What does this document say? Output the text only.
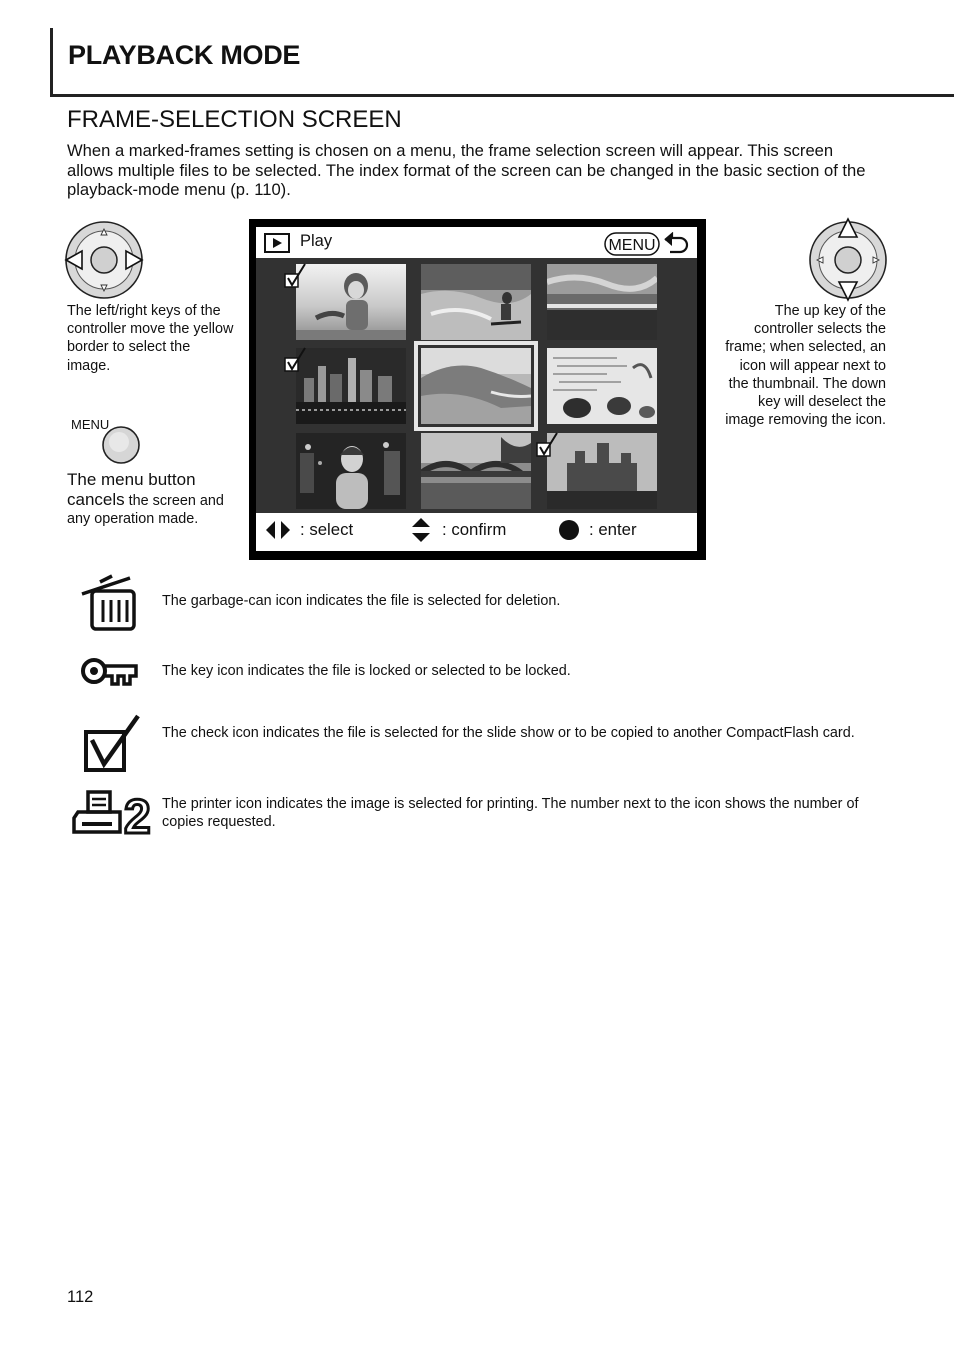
PLAYBACK MODE
FRAME-SELECTION SCREEN
When a marked-frames setting is chosen on a menu, the frame selection screen will appear. This screen allows multiple files to be selected. The index format of the screen can be changed in the basic section of the playback-mode menu (p. 110).
The left/right keys of the controller move the yellow border to select the image.
MENU
The menu button cancels the screen and any operation made.
Play	MENU
: select	: confirm	: enter
The up key of the controller selects the frame; when selected, an icon will appear next to the thumbnail. The down key will deselect the image removing the icon.
The garbage-can icon indicates the file is selected for deletion.
The key icon indicates the file is locked or selected to be locked.
The check icon indicates the file is selected for the slide show or to be copied to another CompactFlash card.
2 The printer icon indicates the image is selected for printing. The number next to the icon shows the number of copies requested.
112
